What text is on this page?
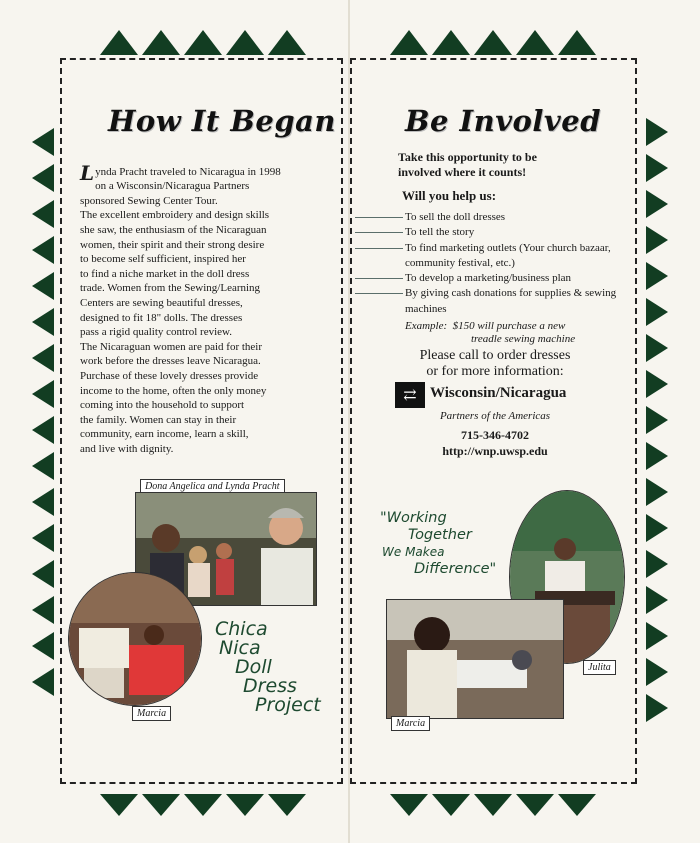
How It Began

Lynda Pracht traveled to Nicaragua in 1998
on a Wisconsin/Nicaragua Partners
sponsored Sewing Center Tour.
The excellent embroidery and design skills
she saw, the enthusiasm of the Nicaraguan
women, their spirit and their strong desire
to become self sufficient, inspired her
to find a niche market in the doll dress
trade. Women from the Sewing/Learning
Centers are sewing beautiful dresses,
designed to fit 18" dolls. The dresses
pass a rigid quality control review.
The Nicaraguan women are paid for their
work before the dresses leave Nicaragua.
Purchase of these lovely dresses provide
income to the home, often the only money
coming into the household to support
the family. Women can stay in their
community, earn income, learn a skill,
and live with dignity.

Dona Angelica and Lynda Pracht
Marcia
Chica
Nica
Doll
Dress
Project
Be Involved
Take this opportunity to be
involved where it counts!
Will you help us:
To sell the doll dresses
To tell the story
To find marketing outlets (Your church bazaar, community festival, etc.)
To develop a marketing/business plan
By giving cash donations for supplies & sewing machines
Example: $150 will purchase a new
treadle sewing machine
Please call to order dresses
or for more information:
⇄ Wisconsin/Nicaragua
Partners of the Americas
715-346-4702
http://wnp.uwsp.edu
"Working
Together
We Makea
Difference"
Julita
Marcia
